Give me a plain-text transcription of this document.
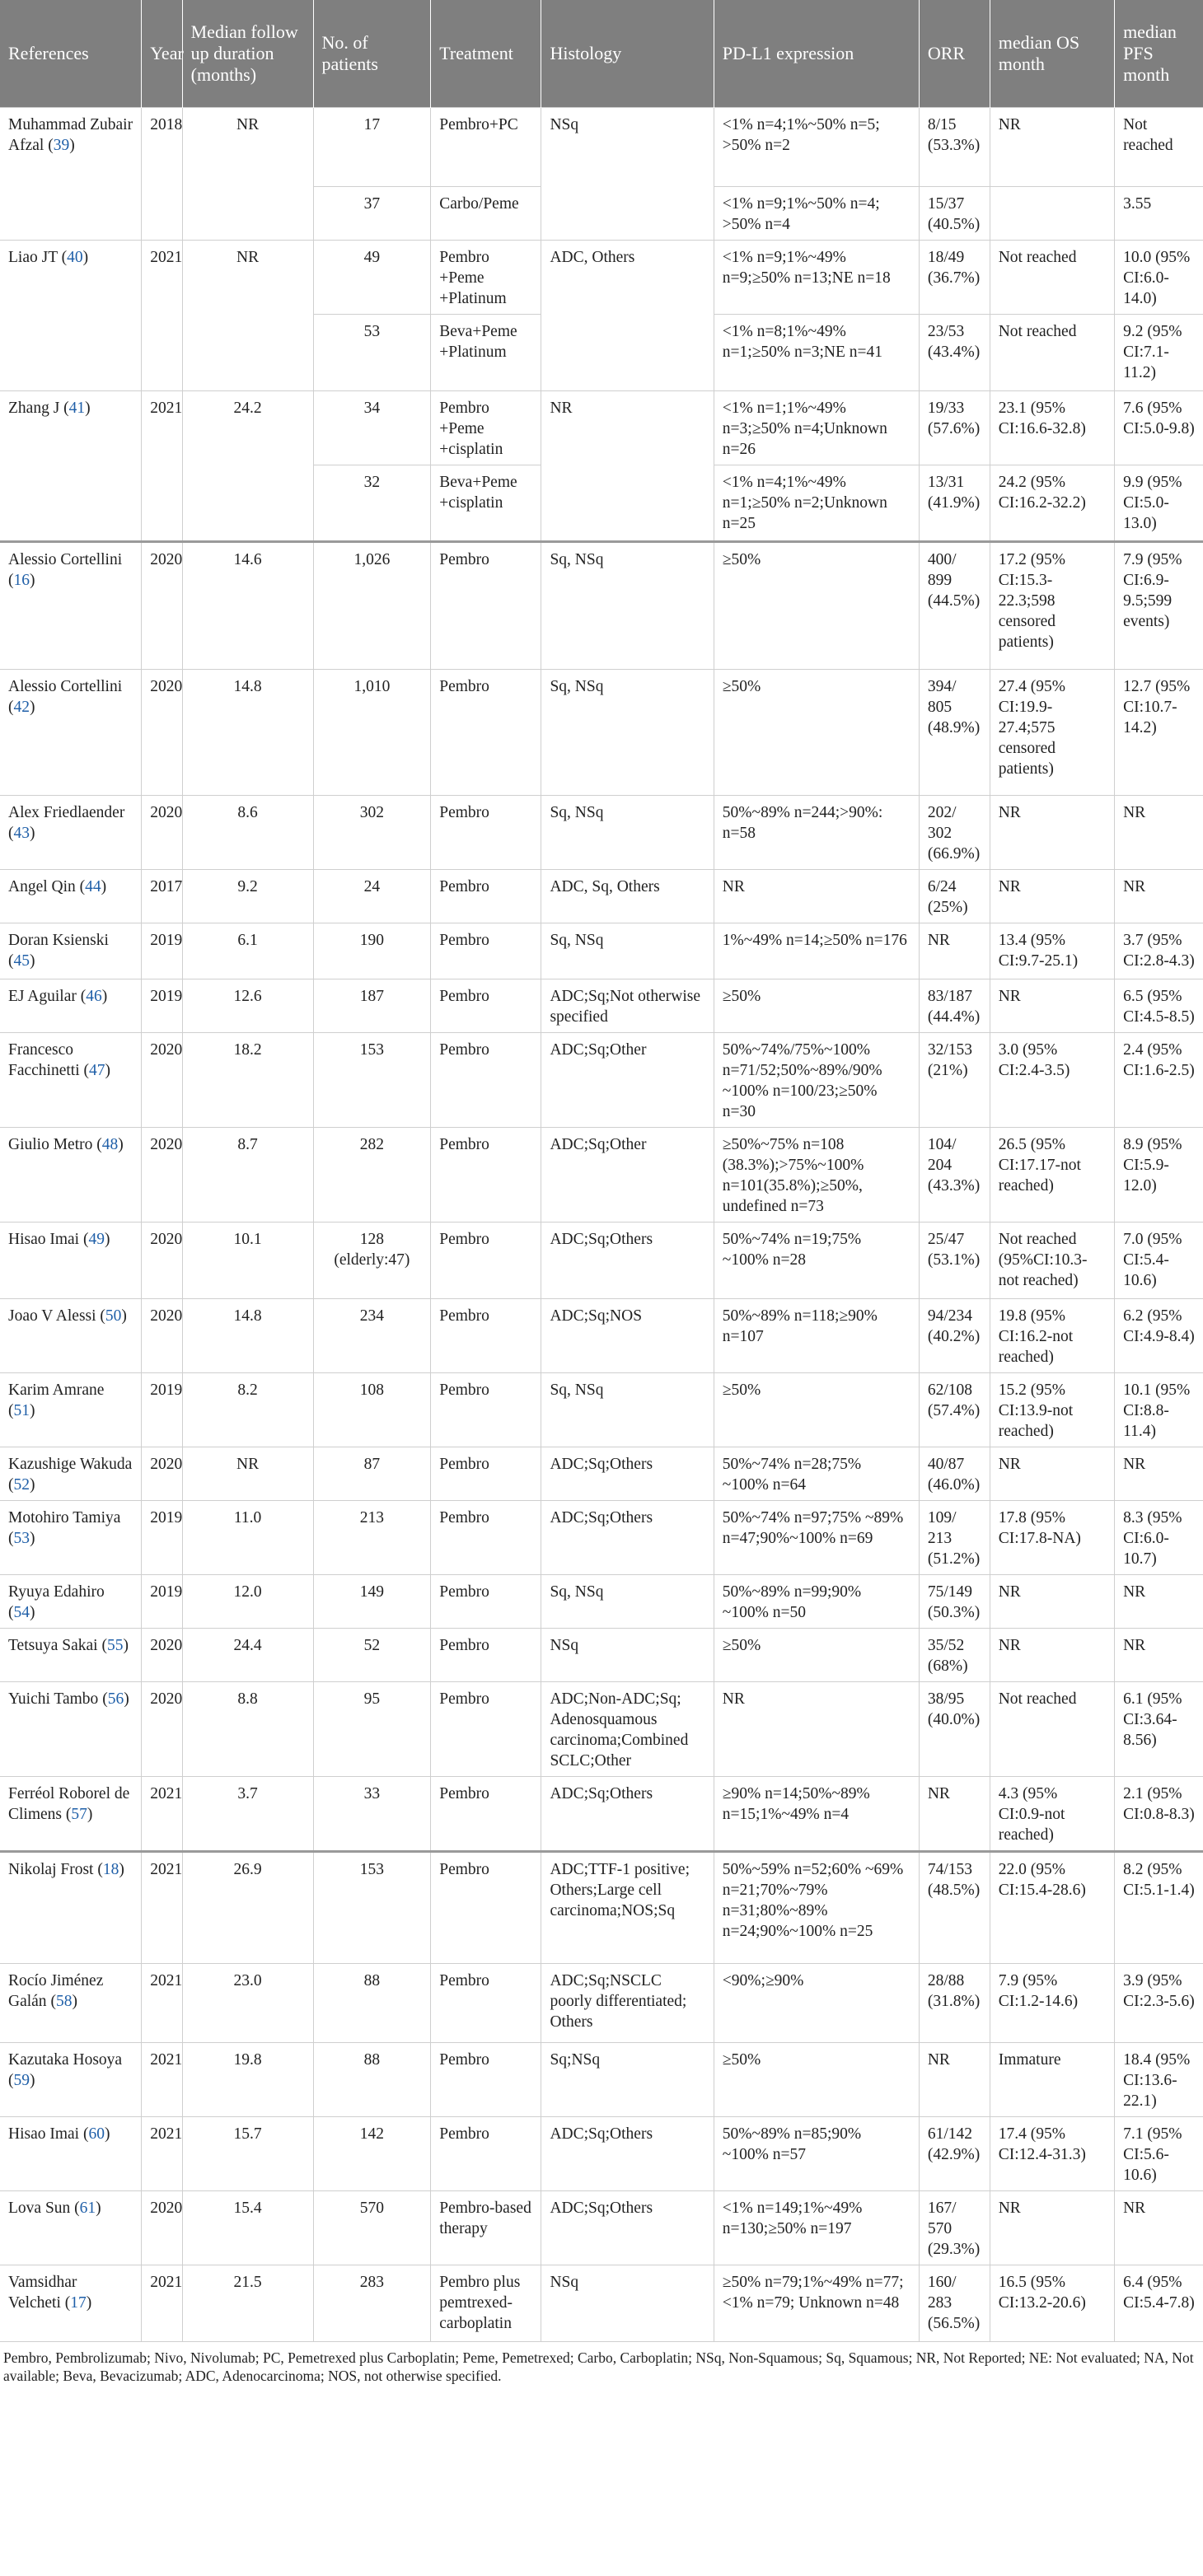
References	Year	Median follow up duration (months)	No. of patients	Treatment	Histology	PD-L1 expression	ORR	median OS month	median PFS month
Muhammad Zubair Afzal (39)	2018	NR	17	Pembro+PC	NSq	<1% n=4;1%~50% n=5; >50% n=2	8/15 (53.3%)	NR	Not reached
			37	Carbo/Peme		<1% n=9;1%~50% n=4; >50% n=4	15/37 (40.5%)		3.55
Liao JT (40)	2021	NR	49	Pembro +Peme +Platinum	ADC, Others	<1% n=9;1%~49% n=9;≥50% n=13;NE n=18	18/49 (36.7%)	Not reached	10.0 (95% CI:6.0-14.0)
			53	Beva+Peme +Platinum		<1% n=8;1%~49% n=1;≥50% n=3;NE n=41	23/53 (43.4%)	Not reached	9.2 (95% CI:7.1-11.2)
Zhang J (41)	2021	24.2	34	Pembro +Peme +cisplatin	NR	<1% n=1;1%~49% n=3;≥50% n=4;Unknown n=26	19/33 (57.6%)	23.1 (95% CI:16.6-32.8)	7.6 (95% CI:5.0-9.8)
			32	Beva+Peme +cisplatin		<1% n=4;1%~49% n=1;≥50% n=2;Unknown n=25	13/31 (41.9%)	24.2 (95% CI:16.2-32.2)	9.9 (95% CI:5.0-13.0)
Alessio Cortellini (16)	2020	14.6	1,026	Pembro	Sq, NSq	≥50%	400/ 899 (44.5%)	17.2 (95% CI:15.3-22.3;598 censored patients)	7.9 (95% CI:6.9-9.5;599 events)
Alessio Cortellini (42)	2020	14.8	1,010	Pembro	Sq, NSq	≥50%	394/ 805 (48.9%)	27.4 (95% CI:19.9-27.4;575 censored patients)	12.7 (95% CI:10.7-14.2)
Alex Friedlaender (43)	2020	8.6	302	Pembro	Sq, NSq	50%~89% n=244;>90%: n=58	202/ 302 (66.9%)	NR	NR
Angel Qin (44)	2017	9.2	24	Pembro	ADC, Sq, Others	NR	6/24 (25%)	NR	NR
Doran Ksienski (45)	2019	6.1	190	Pembro	Sq, NSq	1%~49% n=14;≥50% n=176	NR	13.4 (95% CI:9.7-25.1)	3.7 (95% CI:2.8-4.3)
EJ Aguilar (46)	2019	12.6	187	Pembro	ADC;Sq;Not otherwise specified	≥50%	83/187 (44.4%)	NR	6.5 (95% CI:4.5-8.5)
Francesco Facchinetti (47)	2020	18.2	153	Pembro	ADC;Sq;Other	50%~74%/75%~100% n=71/52;50%~89%/90% ~100% n=100/23;≥50% n=30	32/153 (21%)	3.0 (95% CI:2.4-3.5)	2.4 (95% CI:1.6-2.5)
Giulio Metro (48)	2020	8.7	282	Pembro	ADC;Sq;Other	≥50%~75% n=108 (38.3%);>75%~100% n=101(35.8%);≥50%, undefined n=73	104/ 204 (43.3%)	26.5 (95% CI:17.17-not reached)	8.9 (95% CI:5.9-12.0)
Hisao Imai (49)	2020	10.1	128 (elderly:47)	Pembro	ADC;Sq;Others	50%~74% n=19;75% ~100% n=28	25/47 (53.1%)	Not reached (95%CI:10.3-not reached)	7.0 (95% CI:5.4-10.6)
Joao V Alessi (50)	2020	14.8	234	Pembro	ADC;Sq;NOS	50%~89% n=118;≥90% n=107	94/234 (40.2%)	19.8 (95% CI:16.2-not reached)	6.2 (95% CI:4.9-8.4)
Karim Amrane (51)	2019	8.2	108	Pembro	Sq, NSq	≥50%	62/108 (57.4%)	15.2 (95% CI:13.9-not reached)	10.1 (95% CI:8.8-11.4)
Kazushige Wakuda (52)	2020	NR	87	Pembro	ADC;Sq;Others	50%~74% n=28;75% ~100% n=64	40/87 (46.0%)	NR	NR
Motohiro Tamiya (53)	2019	11.0	213	Pembro	ADC;Sq;Others	50%~74% n=97;75% ~89% n=47;90%~100% n=69	109/ 213 (51.2%)	17.8 (95% CI:17.8-NA)	8.3 (95% CI:6.0-10.7)
Ryuya Edahiro (54)	2019	12.0	149	Pembro	Sq, NSq	50%~89% n=99;90% ~100% n=50	75/149 (50.3%)	NR	NR
Tetsuya Sakai (55)	2020	24.4	52	Pembro	NSq	≥50%	35/52 (68%)	NR	NR
Yuichi Tambo (56)	2020	8.8	95	Pembro	ADC;Non-ADC;Sq; Adenosquamous carcinoma;Combined SCLC;Other	NR	38/95 (40.0%)	Not reached	6.1 (95% CI:3.64-8.56)
Ferréol Roborel de Climens (57)	2021	3.7	33	Pembro	ADC;Sq;Others	≥90% n=14;50%~89% n=15;1%~49% n=4	NR	4.3 (95% CI:0.9-not reached)	2.1 (95% CI:0.8-8.3)
Nikolaj Frost (18)	2021	26.9	153	Pembro	ADC;TTF-1 positive; Others;Large cell carcinoma;NOS;Sq	50%~59% n=52;60% ~69% n=21;70%~79% n=31;80%~89% n=24;90%~100% n=25	74/153 (48.5%)	22.0 (95% CI:15.4-28.6)	8.2 (95% CI:5.1-1.4)
Rocío Jiménez Galán (58)	2021	23.0	88	Pembro	ADC;Sq;NSCLC poorly differentiated; Others	<90%;≥90%	28/88 (31.8%)	7.9 (95% CI:1.2-14.6)	3.9 (95% CI:2.3-5.6)
Kazutaka Hosoya (59)	2021	19.8	88	Pembro	Sq;NSq	≥50%	NR	Immature	18.4 (95% CI:13.6-22.1)
Hisao Imai (60)	2021	15.7	142	Pembro	ADC;Sq;Others	50%~89% n=85;90% ~100% n=57	61/142 (42.9%)	17.4 (95% CI:12.4-31.3)	7.1 (95% CI:5.6-10.6)
Lova Sun (61)	2020	15.4	570	Pembro-based therapy	ADC;Sq;Others	<1% n=149;1%~49% n=130;≥50% n=197	167/ 570 (29.3%)	NR	NR
Vamsidhar Velcheti (17)	2021	21.5	283	Pembro plus pemtrexed-carboplatin	NSq	≥50% n=79;1%~49% n=77;<1% n=79; Unknown n=48	160/ 283 (56.5%)	16.5 (95% CI:13.2-20.6)	6.4 (95% CI:5.4-7.8)
Pembro, Pembrolizumab; Nivo, Nivolumab; PC, Pemetrexed plus Carboplatin; Peme, Pemetrexed; Carbo, Carboplatin; NSq, Non-Squamous; Sq, Squamous; NR, Not Reported; NE: Not evaluated; NA, Not available; Beva, Bevacizumab; ADC, Adenocarcinoma; NOS, not otherwise specified.
